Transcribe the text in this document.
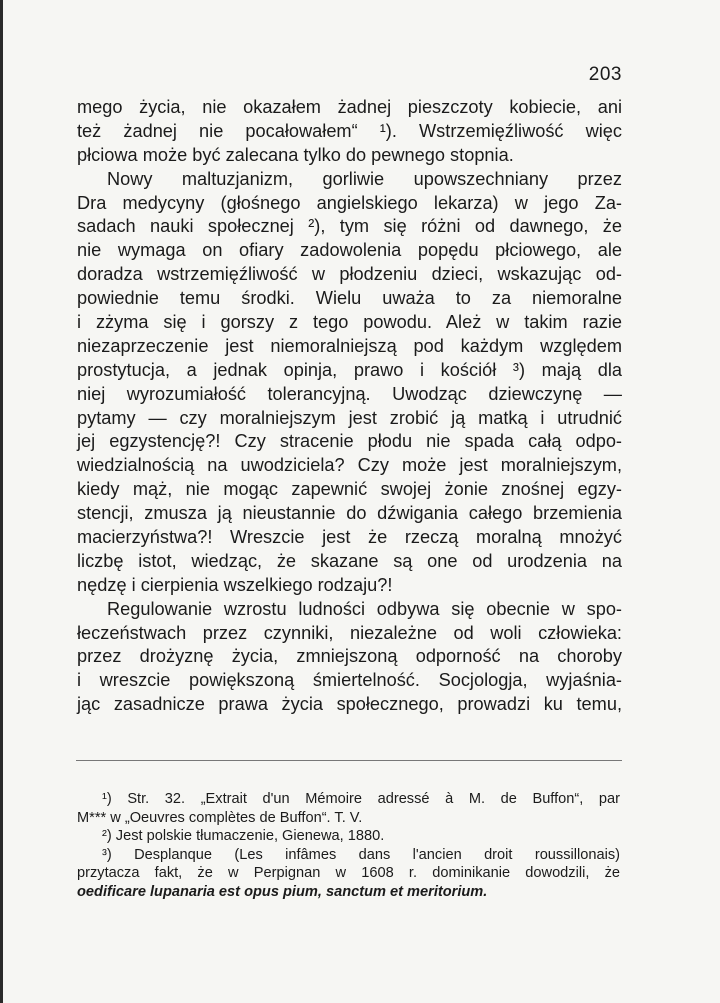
203
mego życia, nie okazałem żadnej pieszczoty kobiecie, ani
też żadnej nie pocałowałem“ ¹). Wstrzemięźliwość więc
płciowa może być zalecana tylko do pewnego stopnia.
Nowy maltuzjanizm, gorliwie upowszechniany przez
Dra medycyny (głośnego angielskiego lekarza) w jego Za-
sadach nauki społecznej ²), tym się różni od dawnego, że
nie wymaga on ofiary zadowolenia popędu płciowego, ale
doradza wstrzemięźliwość w płodzeniu dzieci, wskazując od-
powiednie temu środki. Wielu uważa to za niemoralne
i zżyma się i gorszy z tego powodu. Ależ w takim razie
niezaprzeczenie jest niemoralniejszą pod każdym względem
prostytucja, a jednak opinja, prawo i kościół ³) mają dla
niej wyrozumiałość tolerancyjną. Uwodząc dziewczynę —
pytamy — czy moralniejszym jest zrobić ją matką i utrudnić
jej egzystencję?! Czy stracenie płodu nie spada całą odpo-
wiedzialnością na uwodziciela? Czy może jest moralniejszym,
kiedy mąż, nie mogąc zapewnić swojej żonie znośnej egzy-
stencji, zmusza ją nieustannie do dźwigania całego brzemienia
macierzyństwa?! Wreszcie jest że rzeczą moralną mnożyć
liczbę istot, wiedząc, że skazane są one od urodzenia na
nędzę i cierpienia wszelkiego rodzaju?!
Regulowanie wzrostu ludności odbywa się obecnie w spo-
łeczeństwach przez czynniki, niezależne od woli człowieka:
przez drożyznę życia, zmniejszoną odporność na choroby
i wreszcie powiększoną śmiertelność. Socjologja, wyjaśnia-
jąc zasadnicze prawa życia społecznego, prowadzi ku temu,
¹) Str. 32. „Extrait d'un Mémoire adressé à M. de Buffon“, par
M*** w „Oeuvres complètes de Buffon“. T. V.
²) Jest polskie tłumaczenie, Gienewa, 1880.
³) Desplanque (Les infâmes dans l'ancien droit roussillonais)
przytacza fakt, że w Perpignan w 1608 r. dominikanie dowodzili, że
oedificare lupanaria est opus pium, sanctum et meritorium.
